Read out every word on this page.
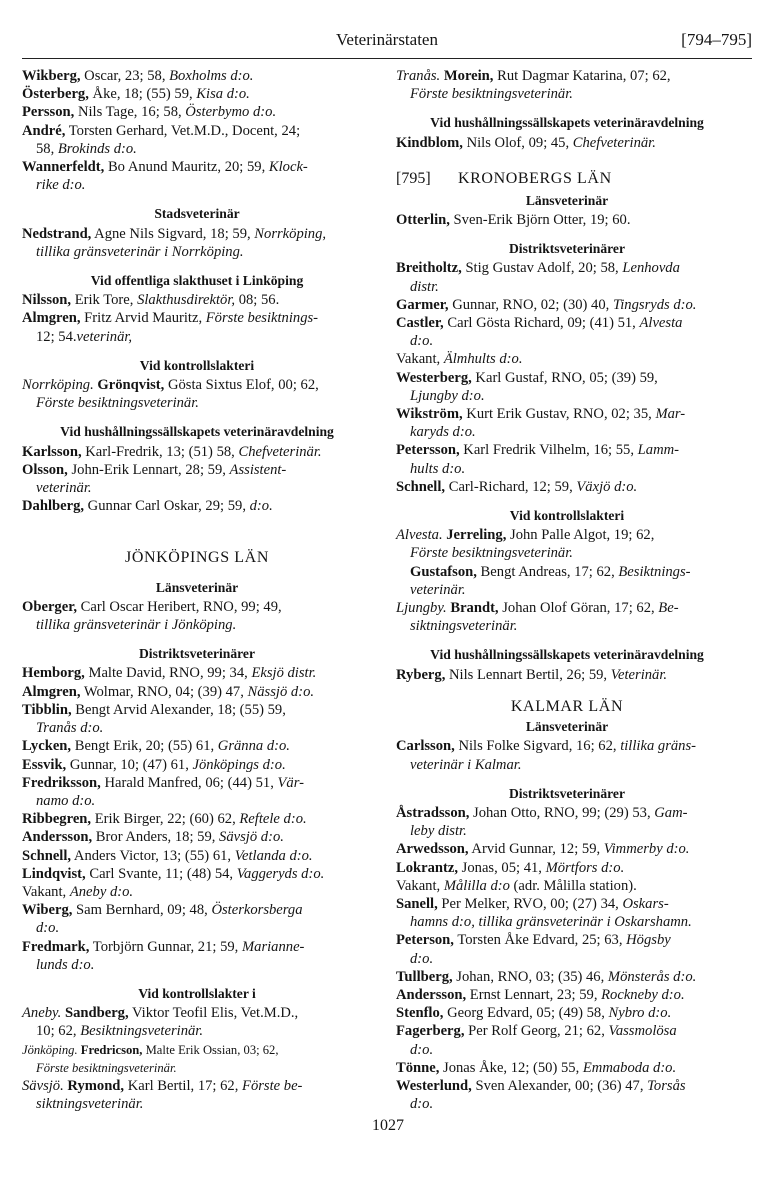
Veterinärstaten	[794–795]
Wikberg, Oscar, 23; 58, Boxholms d:o.
Österberg, Åke, 18; (55) 59, Kisa d:o.
Persson, Nils Tage, 16; 58, Österbymo d:o.
André, Torsten Gerhard, Vet.M.D., Docent, 24;
58, Brokinds d:o.
Wannerfeldt, Bo Anund Mauritz, 20; 59, Klock-
rike d:o.
Stadsveterinär
Nedstrand, Agne Nils Sigvard, 18; 59, Norrköping,
tillika gränsveterinär i Norrköping.
Vid offentliga slakthuset i Linköping
Nilsson, Erik Tore, Slakthusdirektör, 08; 56.
Almgren, Fritz Arvid Mauritz, Förste besiktnings-
12; 54.veterinär,
Vid kontrollslakteri
Norrköping. Grönqvist, Gösta Sixtus Elof, 00; 62,
Förste besiktningsveterinär.
Vid hushållningssällskapets veterinäravdelning
Karlsson, Karl-Fredrik, 13; (51) 58, Chefveterinär.
Olsson, John-Erik Lennart, 28; 59, Assistent-
veterinär.
Dahlberg, Gunnar Carl Oskar, 29; 59, d:o.
JÖNKÖPINGS LÄN
Länsveterinär
Oberger, Carl Oscar Heribert, RNO, 99; 49,
tillika gränsveterinär i Jönköping.
Distriktsveterinärer
Hemborg, Malte David, RNO, 99; 34, Eksjö distr.
Almgren, Wolmar, RNO, 04; (39) 47, Nässjö d:o.
Tibblin, Bengt Arvid Alexander, 18; (55) 59,
Tranås d:o.
Lycken, Bengt Erik, 20; (55) 61, Gränna d:o.
Essvik, Gunnar, 10; (47) 61, Jönköpings d:o.
Fredriksson, Harald Manfred, 06; (44) 51, Vär-
namo d:o.
Ribbegren, Erik Birger, 22; (60) 62, Reftele d:o.
Andersson, Bror Anders, 18; 59, Sävsjö d:o.
Schnell, Anders Victor, 13; (55) 61, Vetlanda d:o.
Lindqvist, Carl Svante, 11; (48) 54, Vaggeryds d:o.
Vakant, Aneby d:o.
Wiberg, Sam Bernhard, 09; 48, Österkorsberga
d:o.
Fredmark, Torbjörn Gunnar, 21; 59, Marianne-
lunds d:o.
Vid kontrollslakter i
Aneby. Sandberg, Viktor Teofil Elis, Vet.M.D.,
10; 62, Besiktningsveterinär.
Jönköping. Fredricson, Malte Erik Ossian, 03; 62,
Förste besiktningsveterinär.
Sävsjö. Rymond, Karl Bertil, 17; 62, Förste be-
siktningsveterinär.
Tranås. Morein, Rut Dagmar Katarina, 07; 62,
Förste besiktningsveterinär.
Vid hushållningssällskapets veterinäravdelning
Kindblom, Nils Olof, 09; 45, Chefveterinär.
[795] KRONOBERGS LÄN
Länsveterinär
Otterlin, Sven-Erik Björn Otter, 19; 60.
Distriktsveterinärer
Breitholtz, Stig Gustav Adolf, 20; 58, Lenhovda
distr.
Garmer, Gunnar, RNO, 02; (30) 40, Tingsryds d:o.
Castler, Carl Gösta Richard, 09; (41) 51, Alvesta
d:o.
Vakant, Älmhults d:o.
Westerberg, Karl Gustaf, RNO, 05; (39) 59,
Ljungby d:o.
Wikström, Kurt Erik Gustav, RNO, 02; 35, Mar-
karyds d:o.
Petersson, Karl Fredrik Vilhelm, 16; 55, Lamm-
hults d:o.
Schnell, Carl-Richard, 12; 59, Växjö d:o.
Vid kontrollslakteri
Alvesta. Jerreling, John Palle Algot, 19; 62,
Förste besiktningsveterinär.
Gustafson, Bengt Andreas, 17; 62, Besiktnings-
veterinär.
Ljungby. Brandt, Johan Olof Göran, 17; 62, Be-
siktningsveterinär.
Vid hushållningssällskapets veterinäravdelning
Ryberg, Nils Lennart Bertil, 26; 59, Veterinär.
KALMAR LÄN
Länsveterinär
Carlsson, Nils Folke Sigvard, 16; 62, tillika gräns-
veterinär i Kalmar.
Distriktsveterinärer
Åstradsson, Johan Otto, RNO, 99; (29) 53, Gam-
leby distr.
Arwedsson, Arvid Gunnar, 12; 59, Vimmerby d:o.
Lokrantz, Jonas, 05; 41, Mörtfors d:o.
Vakant, Målilla d:o (adr. Målilla station).
Sanell, Per Melker, RVO, 00; (27) 34, Oskars-
hamns d:o, tillika gränsveterinär i Oskarshamn.
Peterson, Torsten Åke Edvard, 25; 63, Högsby
d:o.
Tullberg, Johan, RNO, 03; (35) 46, Mönsterås d:o.
Andersson, Ernst Lennart, 23; 59, Rockneby d:o.
Stenflo, Georg Edvard, 05; (49) 58, Nybro d:o.
Fagerberg, Per Rolf Georg, 21; 62, Vassmolösa
d:o.
Tönne, Jonas Åke, 12; (50) 55, Emmaboda d:o.
Westerlund, Sven Alexander, 00; (36) 47, Torsås
d:o.
1027
